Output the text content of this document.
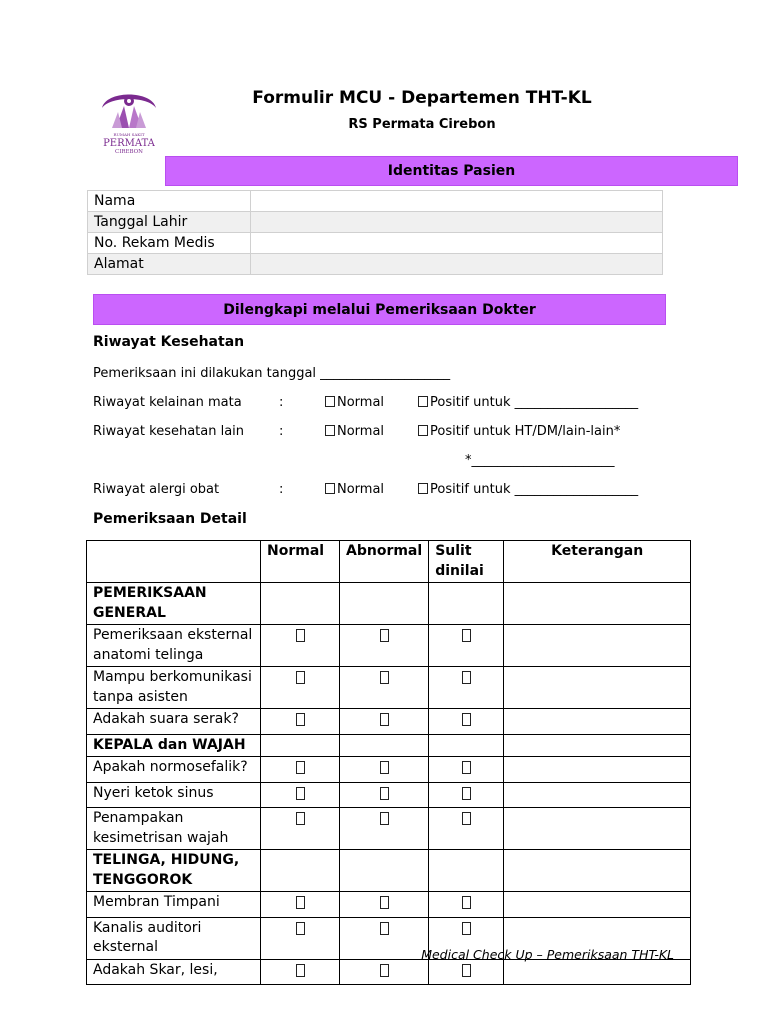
RUMAH SAKIT
PERMATA
CIREBON
Formulir MCU - Departemen THT-KL
RS Permata Cirebon
Identitas Pasien
Nama	
Tanggal Lahir	
No. Rekam Medis	
Alamat	
Dilengkapi melalui Pemeriksaan Dokter
Riwayat Kesehatan
Pemeriksaan ini dilakukan tanggal ____________________
Riwayat kelainan mata	:	Normal	Positif untuk ___________________
Riwayat kesehatan lain	:	Normal	Positif untuk HT/DM/lain-lain*
*______________________
Riwayat alergi obat	:	Normal	Positif untuk ___________________
Pemeriksaan Detail
	Normal	Abnormal	Sulit dinilai	Keterangan
PEMERIKSAAN GENERAL				
Pemeriksaan eksternal anatomi telinga				
Mampu berkomunikasi tanpa asisten				
Adakah suara serak?				
KEPALA dan WAJAH				
Apakah normosefalik?				
Nyeri ketok sinus				
Penampakan kesimetrisan wajah				
TELINGA, HIDUNG, TENGGOROK				
Membran Timpani				
Kanalis auditori eksternal				
Adakah Skar, lesi,				
Medical Check Up – Pemeriksaan THT-KL
